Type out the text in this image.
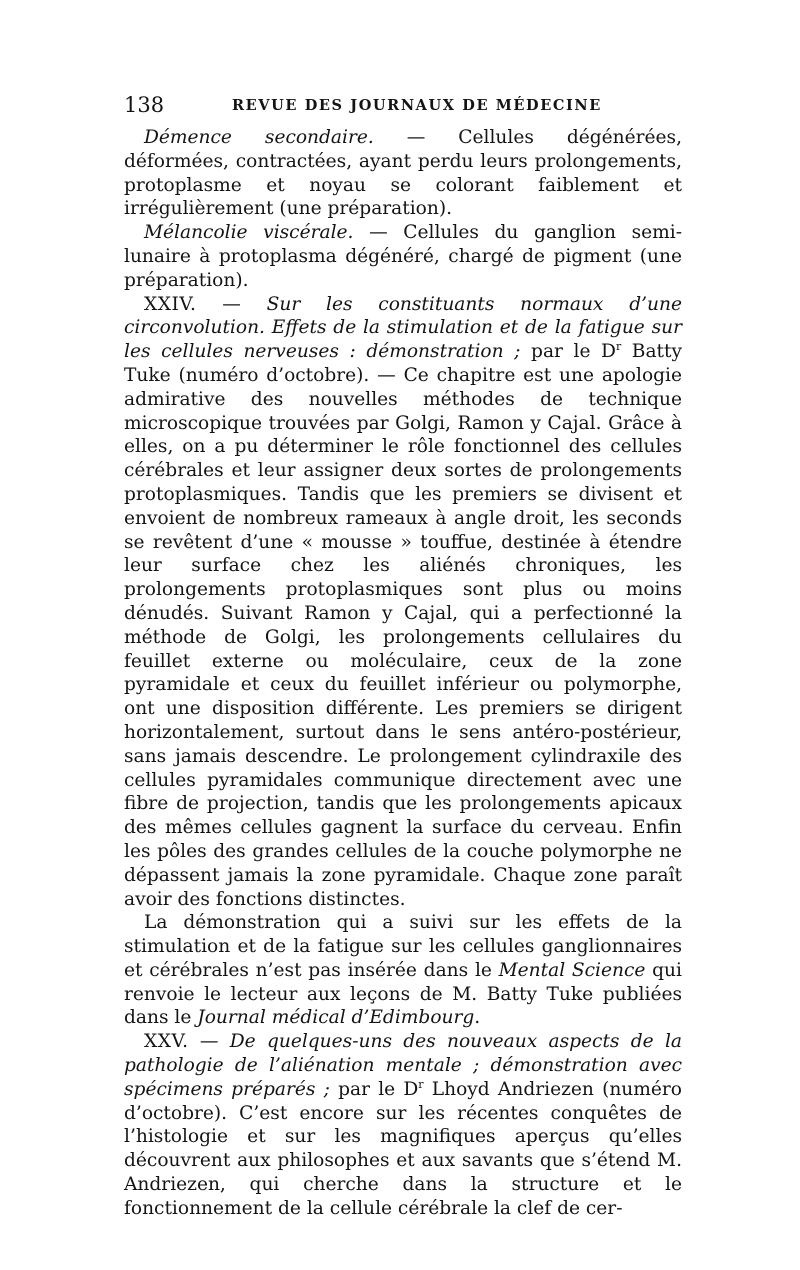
138	REVUE DES JOURNAUX DE MÉDECINE

Démence secondaire. — Cellules dégénérées, déformées, contractées, ayant perdu leurs prolongements, protoplasme et noyau se colorant faiblement et irrégulièrement (une préparation).

Mélancolie viscérale. — Cellules du ganglion semi-lunaire à protoplasma dégénéré, chargé de pigment (une préparation).

XXIV. — Sur les constituants normaux d’une circonvolution. Effets de la stimulation et de la fatigue sur les cellules nerveuses : démonstration ; par le $D^r$ Batty Tuke (numéro d’octobre). — Ce chapitre est une apologie admirative des nouvelles méthodes de technique microscopique trouvées par Golgi, Ramon y Cajal. Grâce à elles, on a pu déterminer le rôle fonctionnel des cellules cérébrales et leur assigner deux sortes de prolongements protoplasmiques. Tandis que les premiers se divisent et envoient de nombreux rameaux à angle droit, les seconds se revêtent d’une « mousse » touffue, destinée à étendre leur surface chez les aliénés chroniques, les prolongements protoplasmiques sont plus ou moins dénudés. Suivant Ramon y Cajal, qui a perfectionné la méthode de Golgi, les prolongements cellulaires du feuillet externe ou moléculaire, ceux de la zone pyramidale et ceux du feuillet inférieur ou polymorphe, ont une disposition différente. Les premiers se dirigent horizontalement, surtout dans le sens antéro-postérieur, sans jamais descendre. Le prolongement cylindraxile des cellules pyramidales communique directement avec une fibre de projection, tandis que les prolongements apicaux des mêmes cellules gagnent la surface du cerveau. Enfin les pôles des grandes cellules de la couche polymorphe ne dépassent jamais la zone pyramidale. Chaque zone paraît avoir des fonctions distinctes.

La démonstration qui a suivi sur les effets de la stimulation et de la fatigue sur les cellules ganglionnaires et cérébrales n’est pas insérée dans le Mental Science qui renvoie le lecteur aux leçons de M. Batty Tuke publiées dans le Journal médical d’Edimbourg.

XXV. — De quelques-uns des nouveaux aspects de la pathologie de l’aliénation mentale ; démonstration avec spécimens préparés ; par le $D^r$ Lhoyd Andriezen (numéro d’octobre). C’est encore sur les récentes conquêtes de l’histologie et sur les magnifiques aperçus qu’elles découvrent aux philosophes et aux savants que s’étend M. Andriezen, qui cherche dans la structure et le fonctionnement de la cellule cérébrale la clef de cer-
